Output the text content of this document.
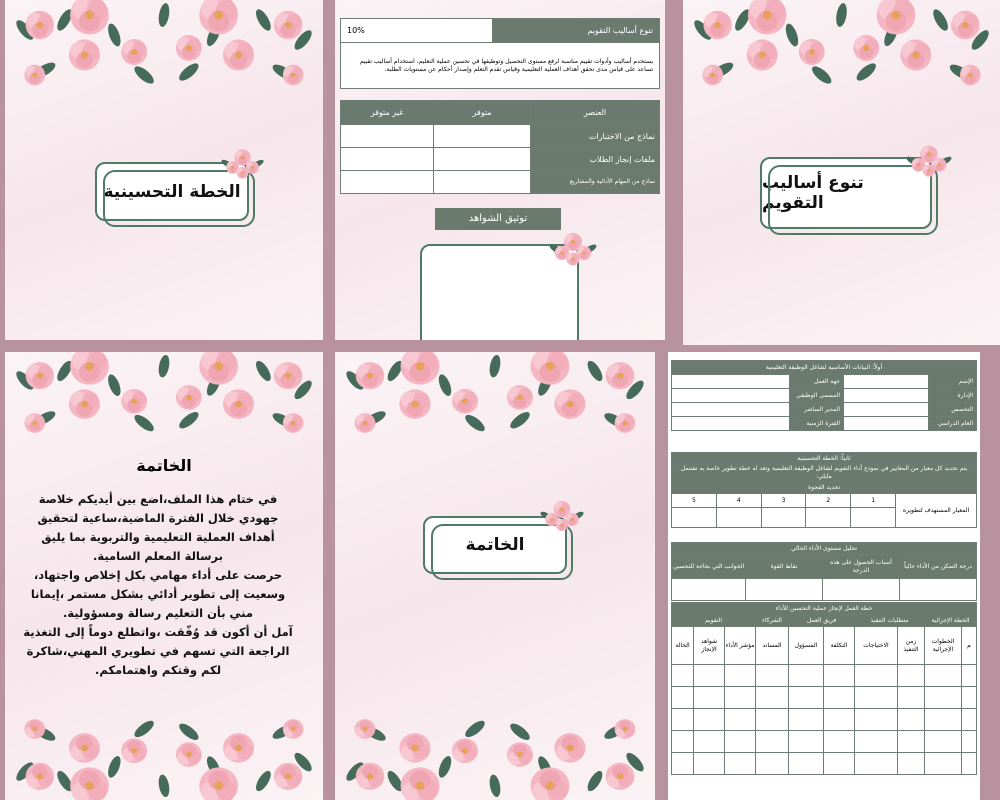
الخطة التحسينية
تنوع أساليب التقويم	10%
يستخدم أساليب وأدوات تقييم مناسبة لرفع مستوى التحصيل وتوظيفها في تحسين عملية التعليم، استخدام أساليب تقييم تساعد على قياس مدى تحقق أهداف العملية التعليمية وقياس تقدم التعلم وإصدار أحكام عن مستويات الطلبة.
العنصر	متوفر	غير متوفر
نماذج من الاختبارات		
ملفات إنجاز الطلاب		
نماذج من المهام الأدائية والمشاريع		
توثيق الشواهد
تنوع أساليب التقويم
الخاتمة
في ختام هذا الملف،اضع بين أيديكم خلاصة جهودي خلال الفترة الماضية،ساعية لتحقيق أهداف العملية التعليمية والتربوية بما يليق برسالة المعلم السامية.
حرصت على أداء مهامي بكل إخلاص واجتهاد، وسعيت إلى تطوير أدائي بشكل مستمر ،إيمانا مني بأن التعليم رسالة ومسؤولية.
آمل أن أكون قد وُفّقت ،واتطلع دوماً إلى التغذية الراجعة التي تسهم في تطويري المهني،شاكرة لكم وقتكم واهتمامكم.
الخاتمة
أولاً: البيانات الأساسية لشاغل الوظيفة التعليمية			
الإسم		جهة العمل	
الإدارة		المسمى الوظيفي	
التخصص		المدير المباشر	
العام الدراسي		الفترة الزمنية	
ثانياً: الخطة التحسينية					
يتم تحديد كل معيار من المعايير في نموذج أداء التقويم لشاغل الوظيفة التعليمية وتعد له خطة تطوير خاصة به تشتمل مايلي:					
تحديد الفجوة					
المعيار المستهدف لتطويره	1	2	3	4	5

تحليل مستوى الأداء الحالي			
درجة التمكن من الأداء حالياً	أسباب الحصول على هذه الدرجة	نقاط القوة	الجوانب التي بحاجة للتحسين

خطة العمل لإنجاز عملية التحسين للأداء									
الخطة الإجرائية		متطلبات التنفيذ		فريق العمل		الشركاء	التقويم		
م	الخطوات الإجرائية	زمن التنفيذ	الاحتياجات	التكلفة	المسؤول	المساند	مؤشر الأداء	شواهد الإنجاز	الحالة
